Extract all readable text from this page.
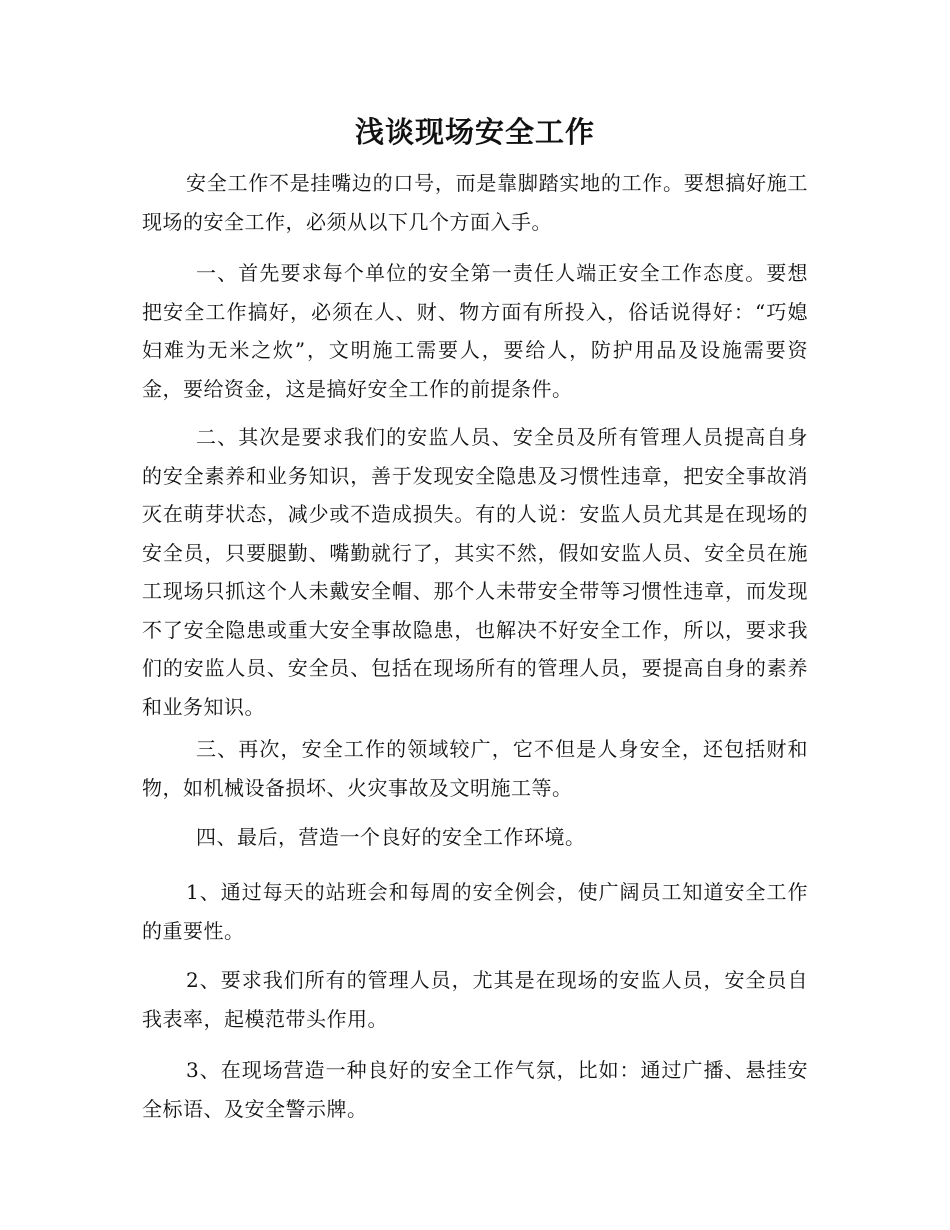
浅谈现场安全工作

安全工作不是挂嘴边的口号，而是靠脚踏实地的工作。要想搞好施工现场的安全工作，必须从以下几个方面入手。

一、首先要求每个单位的安全第一责任人端正安全工作态度。要想把安全工作搞好，必须在人、财、物方面有所投入，俗话说得好：“巧媳妇难为无米之炊”，文明施工需要人，要给人，防护用品及设施需要资金，要给资金，这是搞好安全工作的前提条件。

二、其次是要求我们的安监人员、安全员及所有管理人员提高自身的安全素养和业务知识，善于发现安全隐患及习惯性违章，把安全事故消灭在萌芽状态，减少或不造成损失。有的人说：安监人员尤其是在现场的安全员，只要腿勤、嘴勤就行了，其实不然，假如安监人员、安全员在施工现场只抓这个人未戴安全帽、那个人未带安全带等习惯性违章，而发现不了安全隐患或重大安全事故隐患，也解决不好安全工作，所以，要求我们的安监人员、安全员、包括在现场所有的管理人员，要提高自身的素养和业务知识。

三、再次，安全工作的领域较广，它不但是人身安全，还包括财和物，如机械设备损坏、火灾事故及文明施工等。

四、最后，营造一个良好的安全工作环境。

1、通过每天的站班会和每周的安全例会，使广阔员工知道安全工作的重要性。

2、要求我们所有的管理人员，尤其是在现场的安监人员，安全员自我表率，起模范带头作用。

3、在现场营造一种良好的安全工作气氛，比如：通过广播、悬挂安全标语、及安全警示牌。
